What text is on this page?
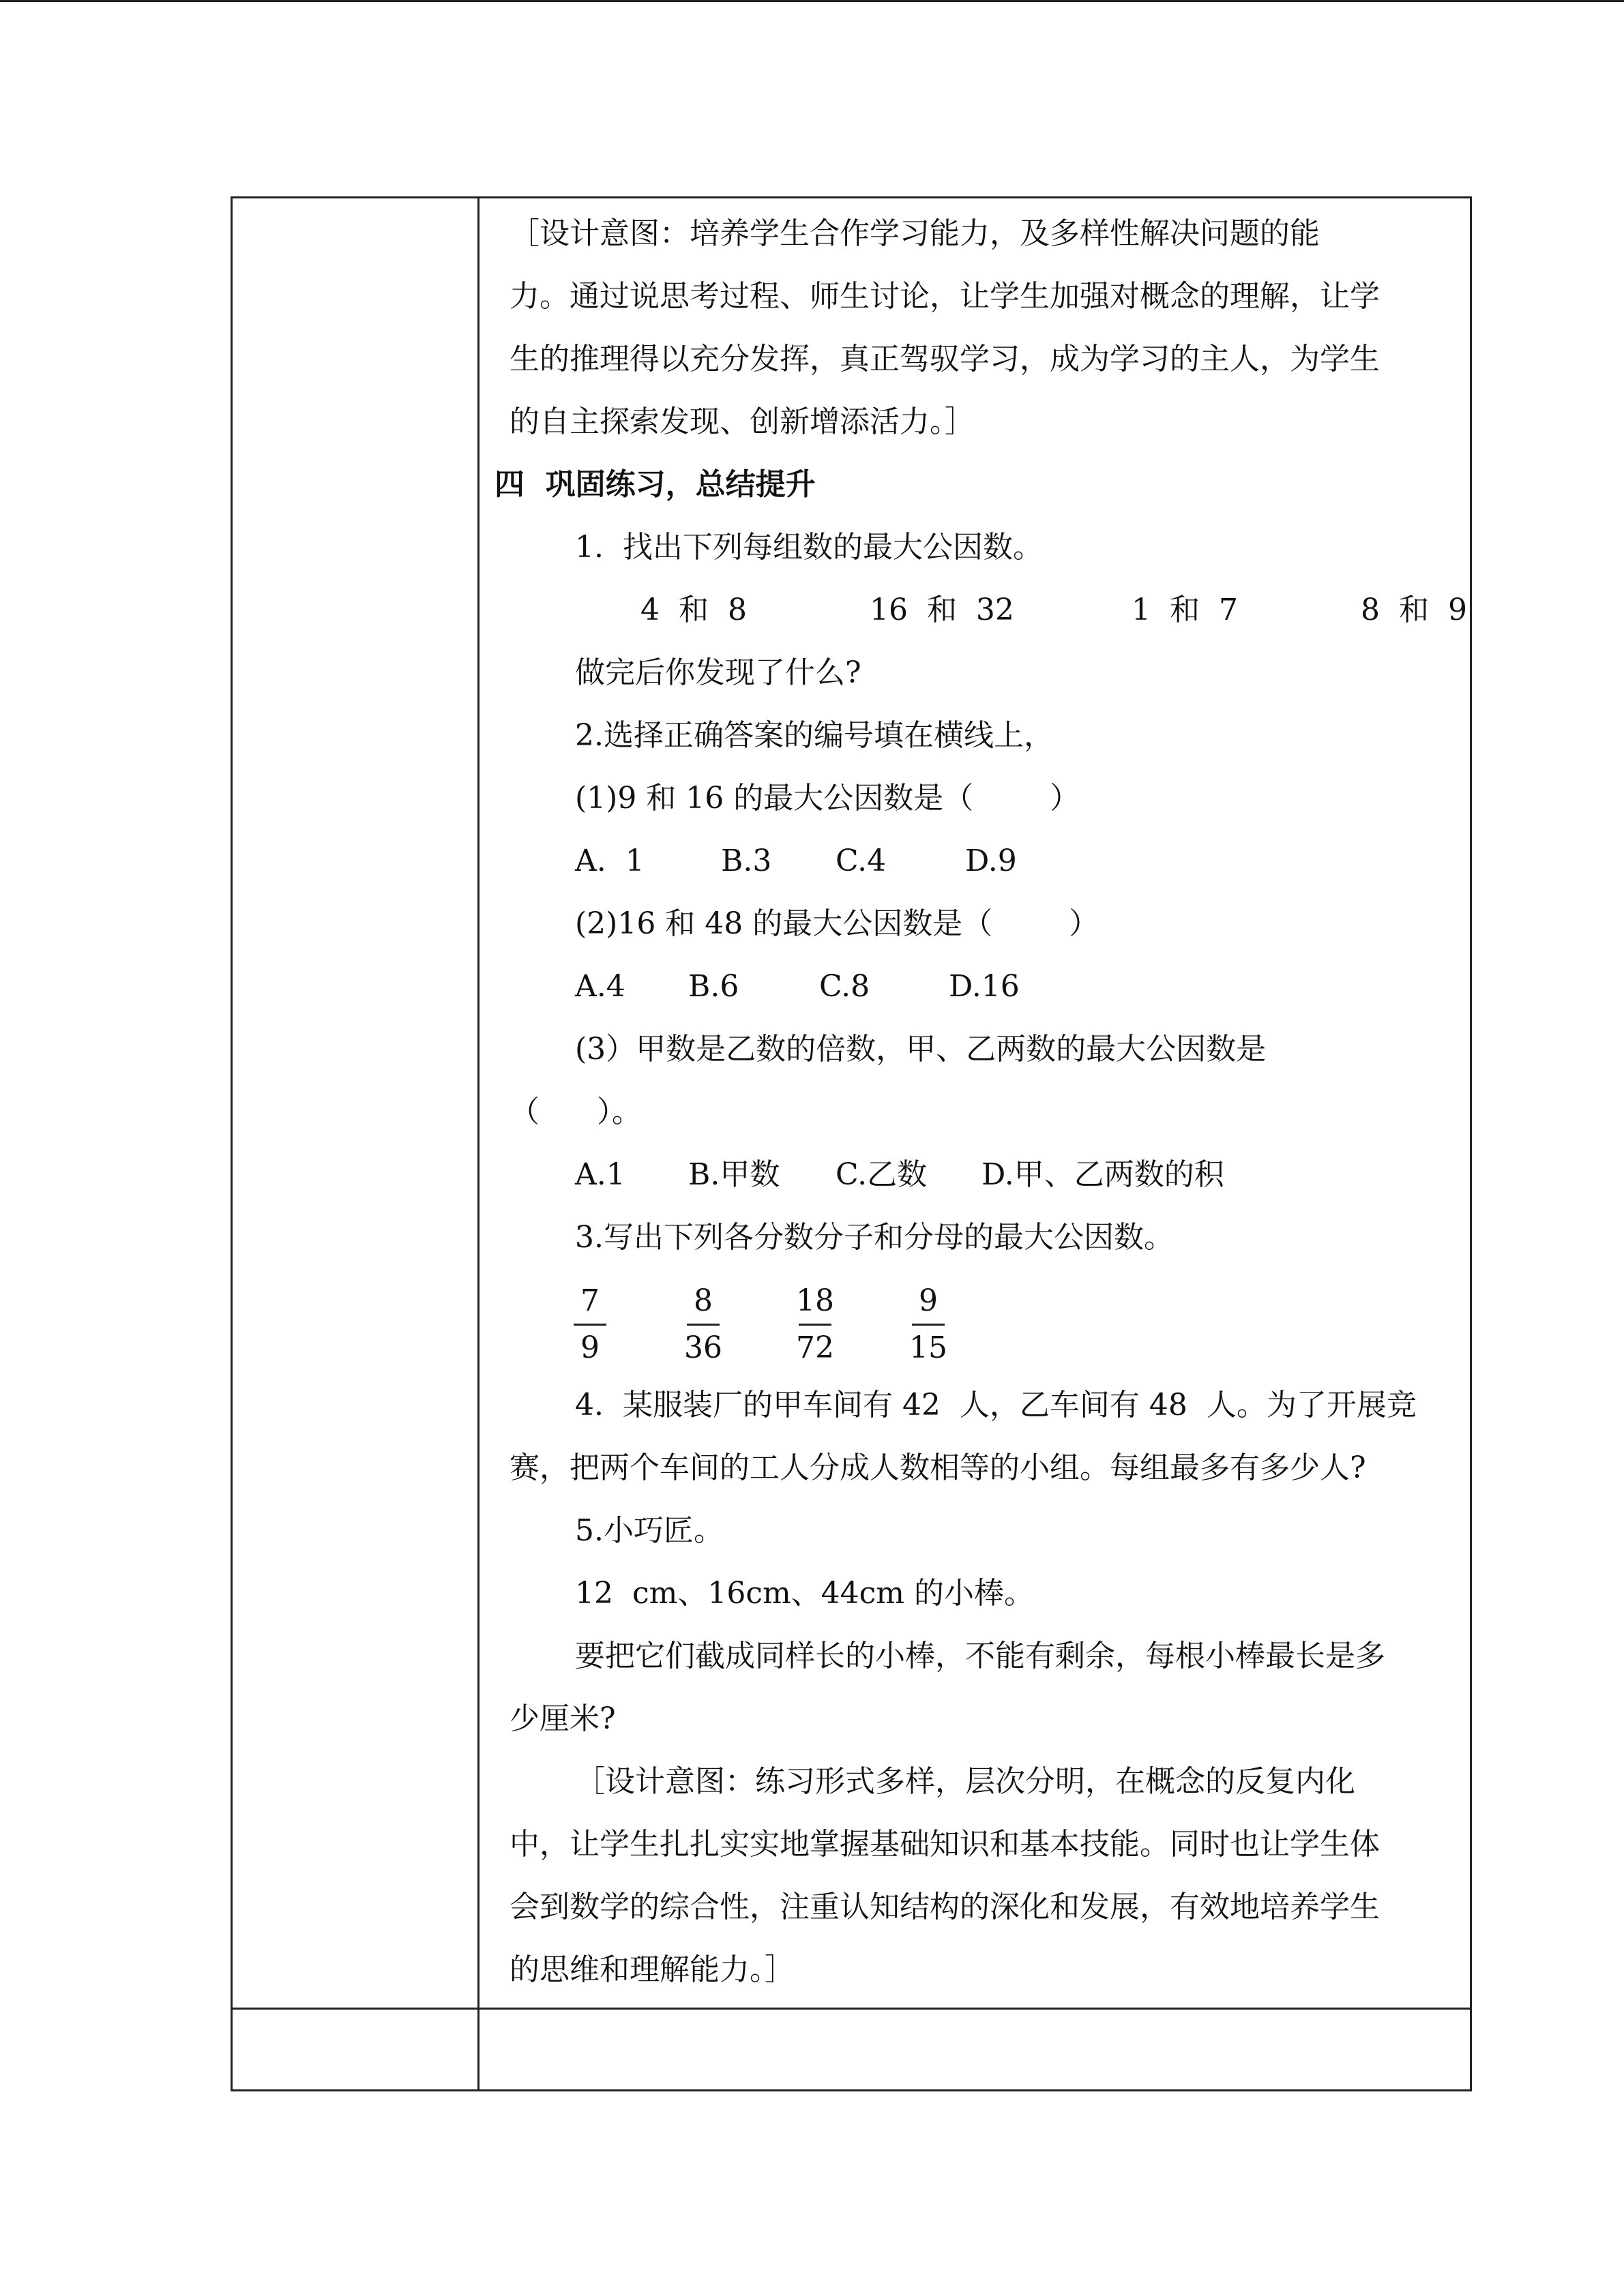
［设计意图：培养学生合作学习能力，及多样性解决问题的能
力。通过说思考过程、师生讨论，让学生加强对概念的理解，让学
生的推理得以充分发挥，真正驾驭学习，成为学习的主人，为学生
的自主探索发现、创新增添活力。］
四  巩固练习，总结提升
1.  找出下列每组数的最大公因数。
4  和  8	16  和  32	1  和  7	8  和  9
做完后你发现了什么?
2.选择正确答案的编号填在横线上，
(1)9 和 16 的最大公因数是（        ）
A.  1	B.3 C.4	D.9
(2)16 和 48 的最大公因数是（        ）
A.4 B.6	C.8	D.16
(3）甲数是乙数的倍数，甲、乙两数的最大公因数是
（      ）。
A.1 B.甲数 C.乙数 D.甲、乙两数的积
3.写出下列各分数分子和分母的最大公因数。
7
9
8
36
18
72
9
15
4.  某服装厂的甲车间有 42  人，乙车间有 48  人。为了开展竞
赛，把两个车间的工人分成人数相等的小组。每组最多有多少人?
5.小巧匠。
12  cm、16cm、44cm 的小棒。
要把它们截成同样长的小棒，不能有剩余，每根小棒最长是多
少厘米?
［设计意图：练习形式多样，层次分明，在概念的反复内化
中，让学生扎扎实实地掌握基础知识和基本技能。同时也让学生体
会到数学的综合性，注重认知结构的深化和发展，有效地培养学生
的思维和理解能力。］
